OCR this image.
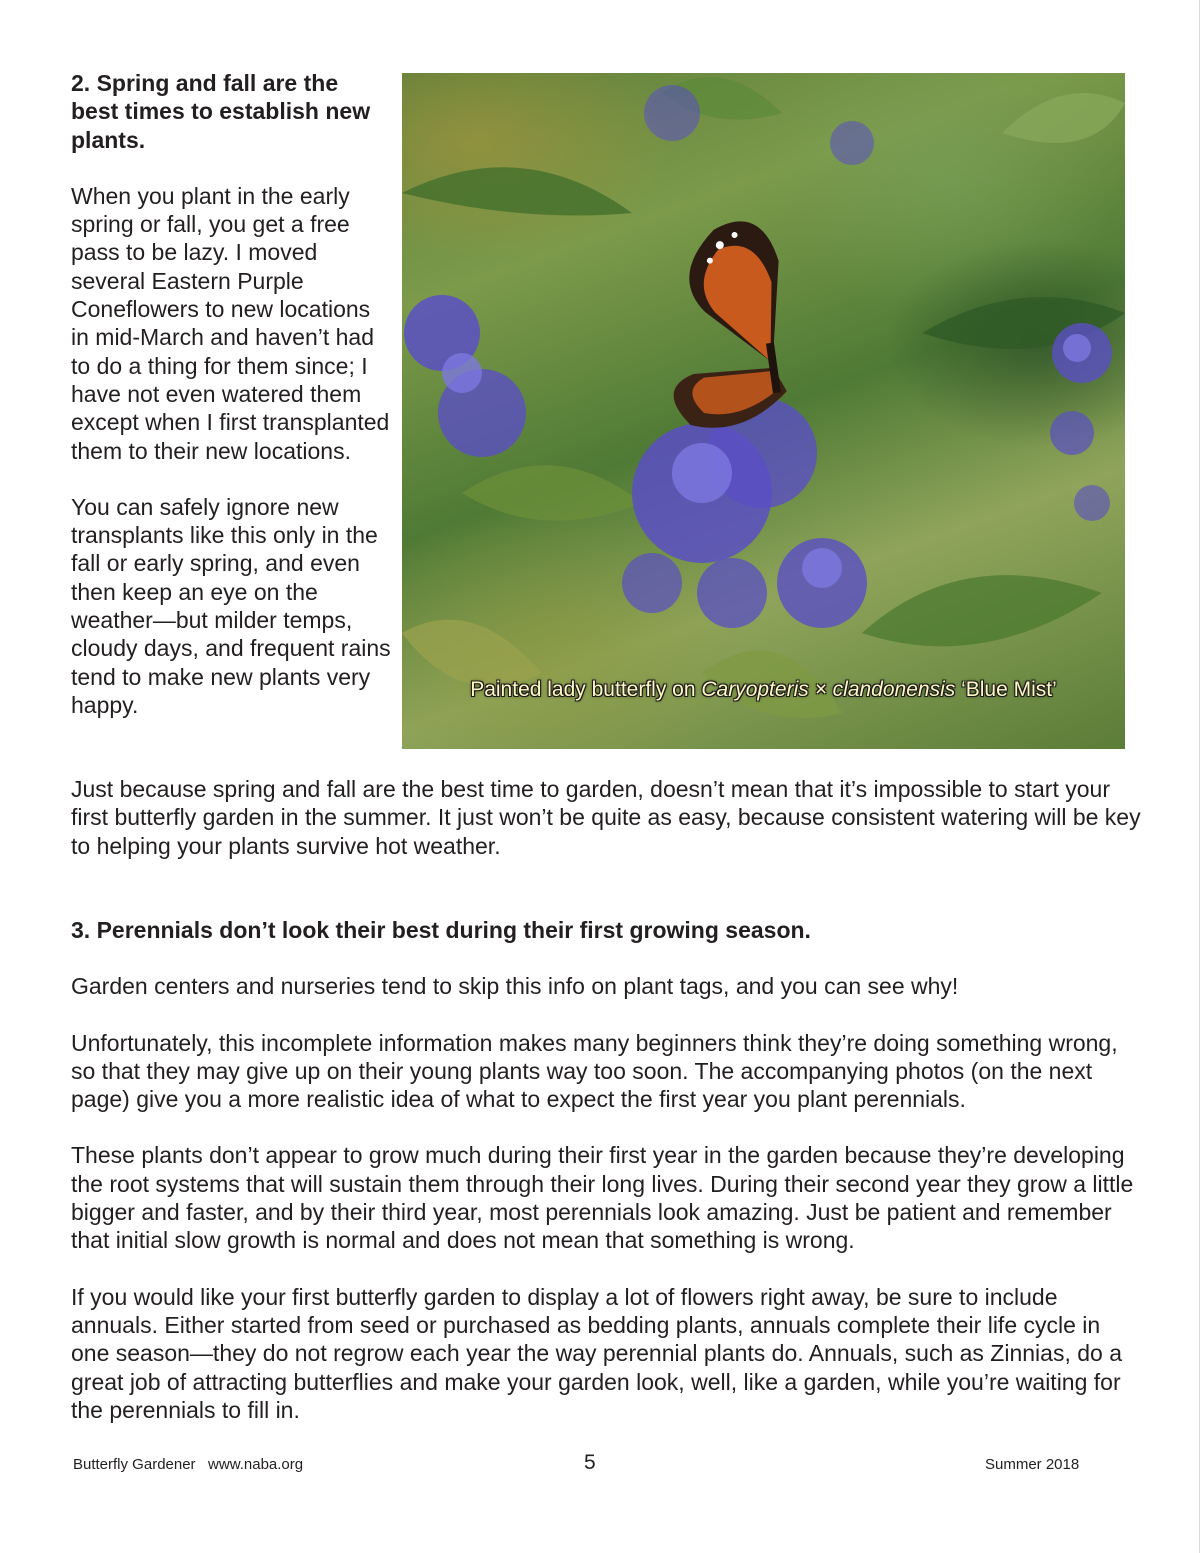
2. Spring and fall are the best times to establish new plants.

When you plant in the early spring or fall, you get a free pass to be lazy. I moved several Eastern Purple Coneflowers to new locations in mid-March and haven’t had to do a thing for them since; I have not even watered them except when I first transplanted them to their new locations.

You can safely ignore new transplants like this only in the fall or early spring, and even then keep an eye on the weather—but milder temps, cloudy days, and frequent rains tend to make new plants very happy.

Painted lady butterfly on Caryopteris × clandonensis ‘Blue Mist’

Just because spring and fall are the best time to garden, doesn’t mean that it’s impossible to start your first butterfly garden in the summer. It just won’t be quite as easy, because consistent watering will be key to helping your plants survive hot weather.

3. Perennials don’t look their best during their first growing season.

Garden centers and nurseries tend to skip this info on plant tags, and you can see why!

Unfortunately, this incomplete information makes many beginners think they’re doing something wrong, so that they may give up on their young plants way too soon. The accompanying photos (on the next page) give you a more realistic idea of what to expect the first year you plant perennials.

These plants don’t appear to grow much during their first year in the garden because they’re developing the root systems that will sustain them through their long lives. During their second year they grow a little bigger and faster, and by their third year, most perennials look amazing. Just be patient and remember that initial slow growth is normal and does not mean that something is wrong.

If you would like your first butterfly garden to display a lot of flowers right away, be sure to include annuals. Either started from seed or purchased as bedding plants, annuals complete their life cycle in one season—they do not regrow each year the way perennial plants do. Annuals, such as Zinnias, do a great job of attracting butterflies and make your garden look, well, like a garden, while you’re waiting for the perennials to fill in.

Butterfly Gardener   www.naba.org	5	Summer 2018
